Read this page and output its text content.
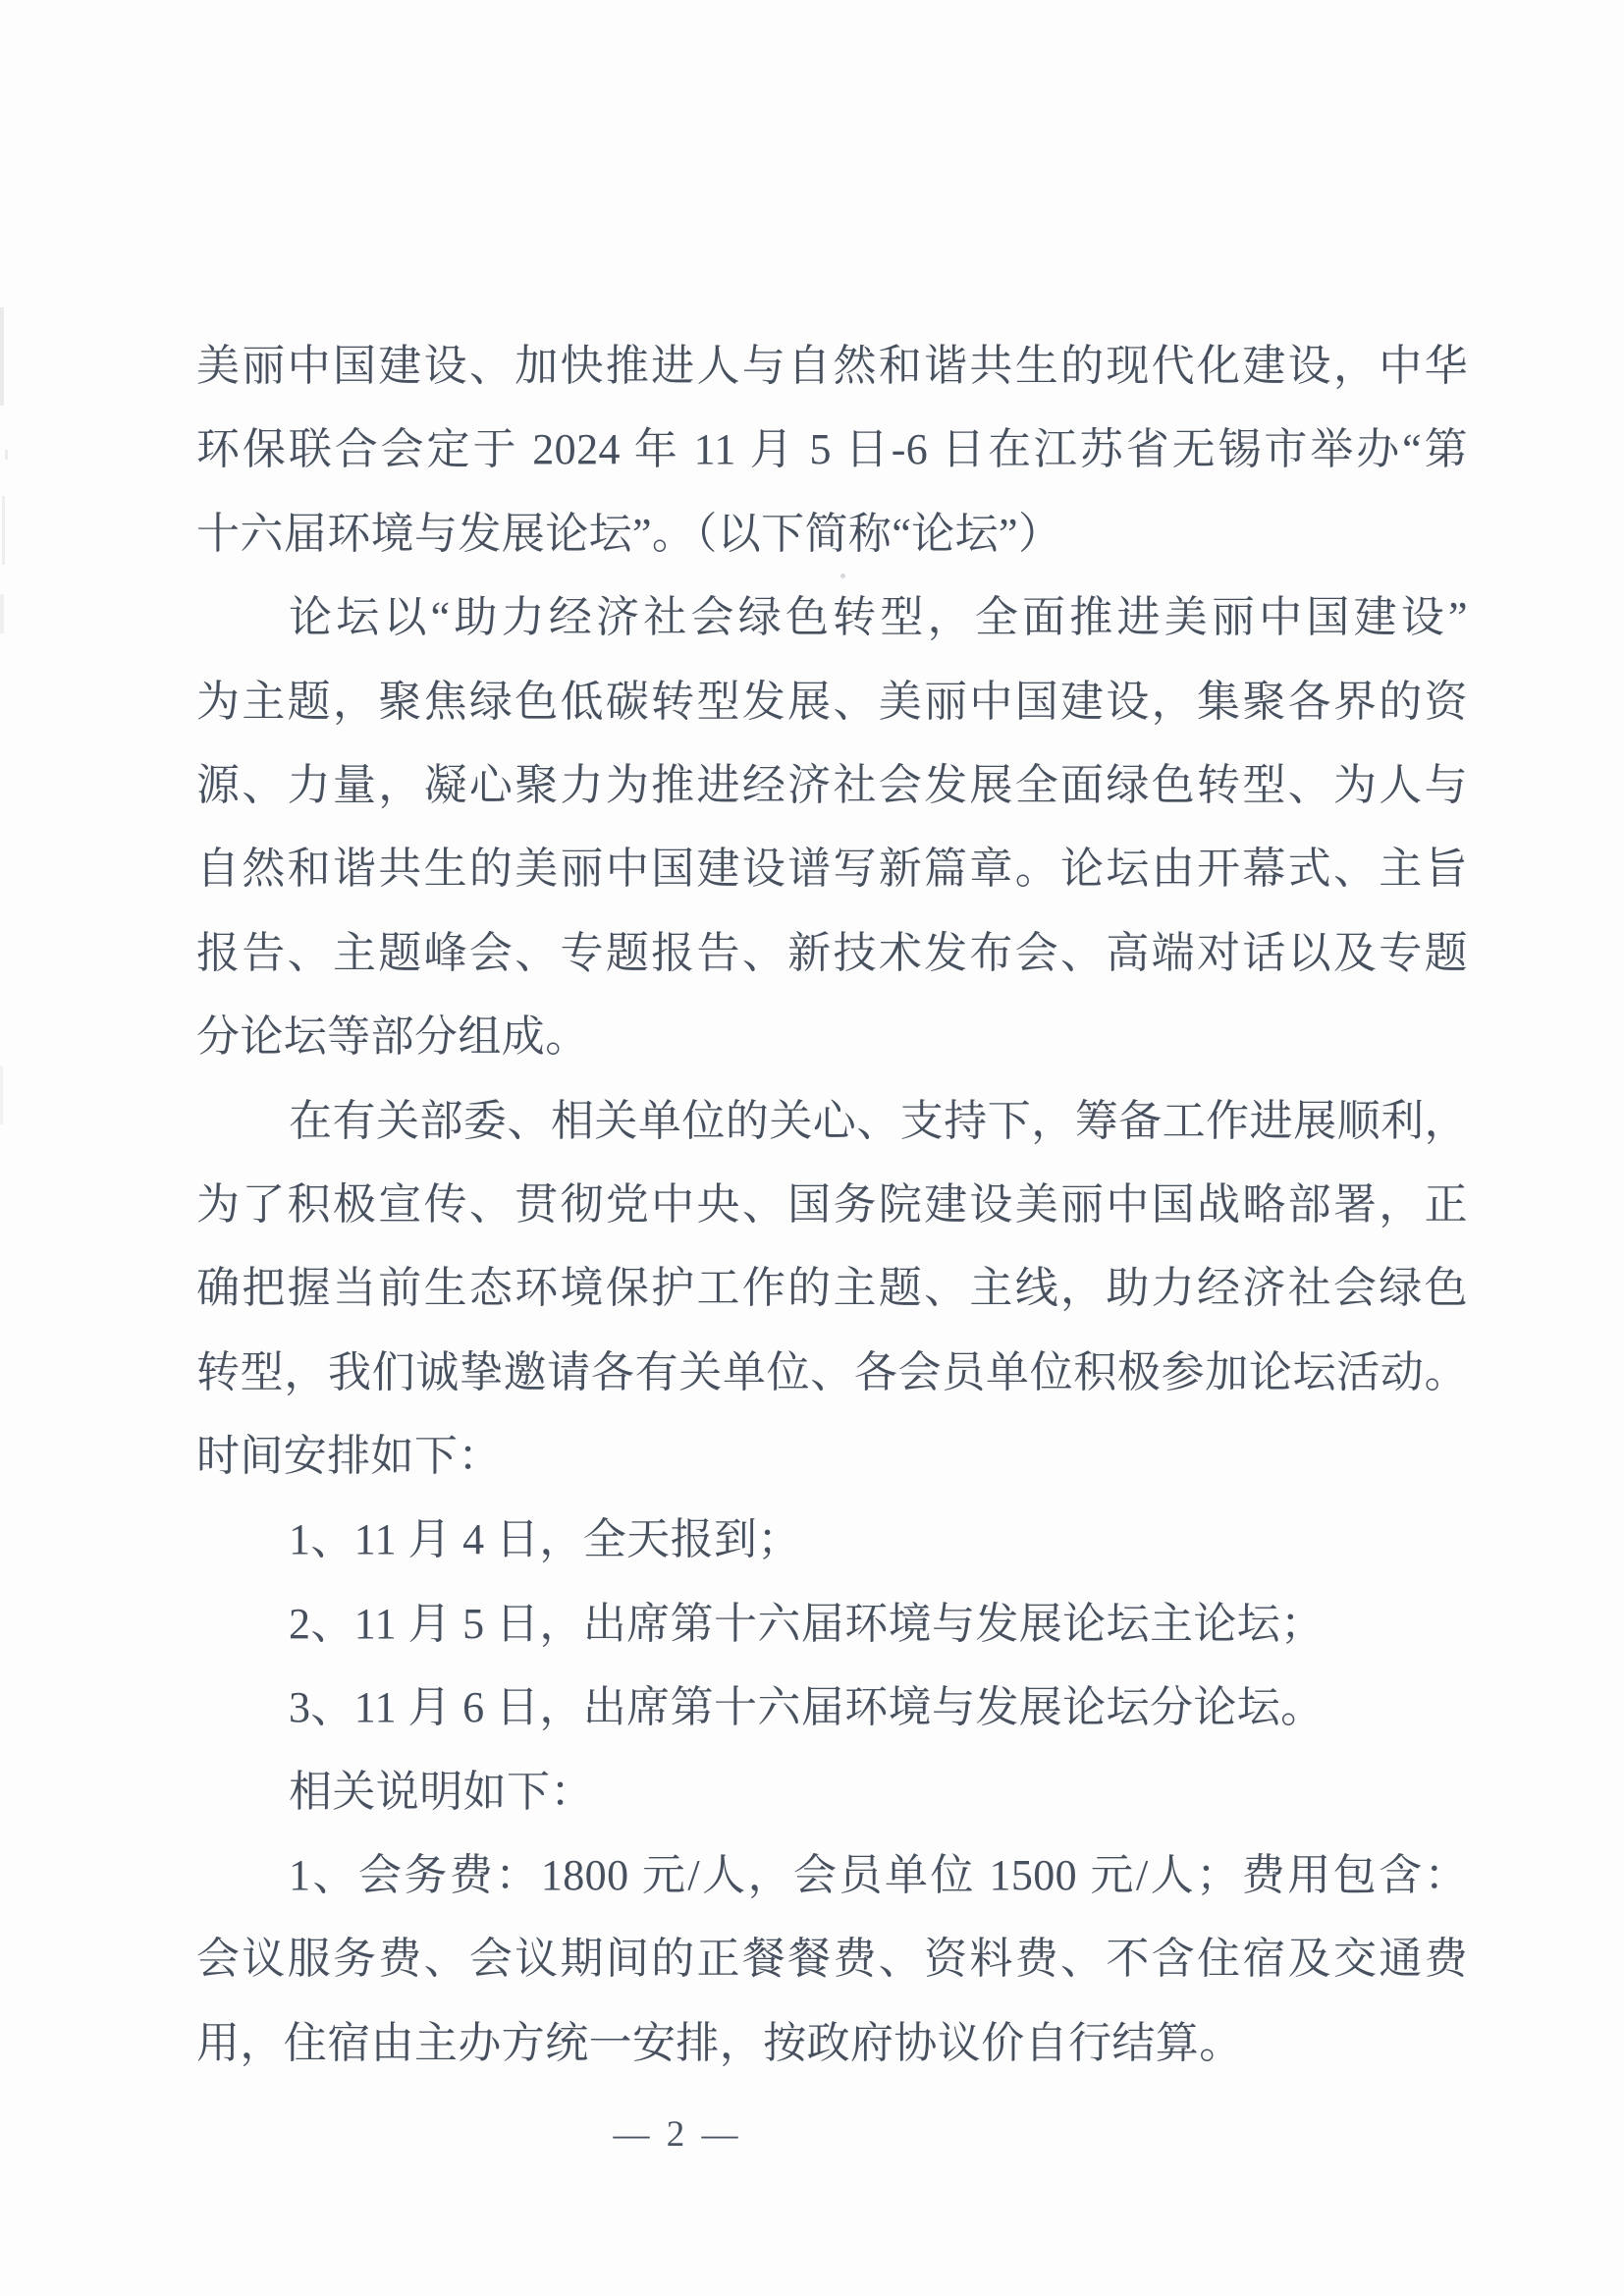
美丽中国建设、加快推进人与自然和谐共生的现代化建设，中华
环保联合会定于 2024 年 11 月 5 日-6 日在江苏省无锡市举办“第
十六届环境与发展论坛”。（以下简称“论坛”）
论坛以“助力经济社会绿色转型，全面推进美丽中国建设”
为主题，聚焦绿色低碳转型发展、美丽中国建设，集聚各界的资
源、力量，凝心聚力为推进经济社会发展全面绿色转型、为人与
自然和谐共生的美丽中国建设谱写新篇章。论坛由开幕式、主旨
报告、主题峰会、专题报告、新技术发布会、高端对话以及专题
分论坛等部分组成。
在有关部委、相关单位的关心、支持下，筹备工作进展顺利，
为了积极宣传、贯彻党中央、国务院建设美丽中国战略部署，正
确把握当前生态环境保护工作的主题、主线，助力经济社会绿色
转型，我们诚挚邀请各有关单位、各会员单位积极参加论坛活动。
时间安排如下：
1、11 月 4 日，全天报到；
2、11 月 5 日，出席第十六届环境与发展论坛主论坛；
3、11 月 6 日，出席第十六届环境与发展论坛分论坛。
相关说明如下：
1、会务费：1800 元/人，会员单位 1500 元/人；费用包含：
会议服务费、会议期间的正餐餐费、资料费、不含住宿及交通费
用，住宿由主办方统一安排，按政府协议价自行结算。
— 2 —
